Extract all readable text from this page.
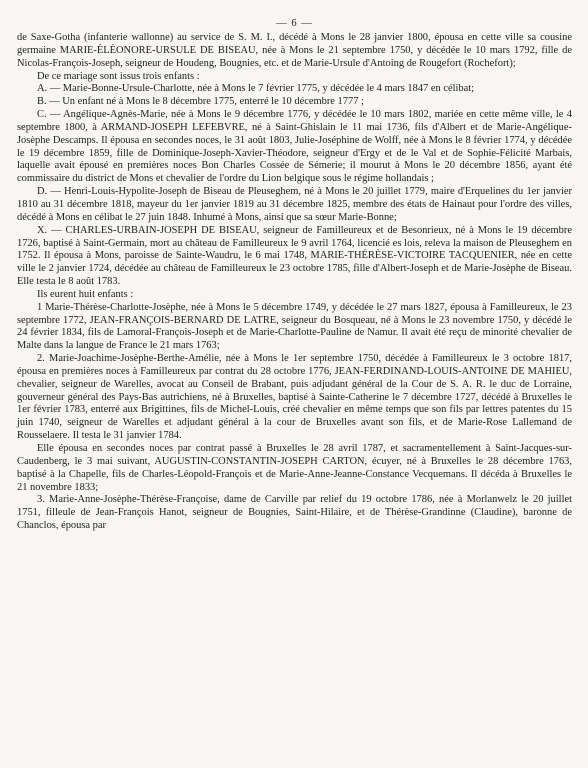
— 6 —

de Saxe-Gotha (infanterie wallonne) au service de S. M. I., décédé à Mons le 28 janvier 1800, épousa en cette ville sa cousine germaine MARIE-ÉLÉONORE-URSULE DE BISEAU, née à Mons le 21 septembre 1750, y décédée le 10 mars 1792, fille de Nicolas-François-Joseph, seigneur de Houdeng, Bougnies, etc. et de Marie-Ursule d'Antoing de Rougefort (Rochefort);

De ce mariage sont issus trois enfants :

A. — Marie-Bonne-Ursule-Charlotte, née à Mons le 7 février 1775, y décédée le 4 mars 1847 en célibat;

B. — Un enfant né à Mons le 8 décembre 1775, enterré le 10 décembre 1777 ;

C. — Angélique-Agnès-Marie, née à Mons le 9 décembre 1776, y décédée le 10 mars 1802, mariée en cette même ville, le 4 septembre 1800, à ARMAND-JOSEPH LEFEBVRE, né à Saint-Ghislain le 11 mai 1736, fils d'Albert et de Marie-Angélique-Josèphe Descamps. Il épousa en secondes noces, le 31 août 1803, Julie-Joséphine de Wolff, née à Mons le 8 février 1774, y décédée le 19 décembre 1859, fille de Dominique-Joseph-Xavier-Théodore, seigneur d'Ergy et de le Val et de Sophie-Félicité Marbais, laquelle avait épousé en premières noces Bon Charles Cossée de Sémerie; il mourut à Mons le 20 décembre 1856, ayant été commissaire du district de Mons et chevalier de l'ordre du Lion belgique sous le régime hollandais ;

D. — Henri-Louis-Hypolite-Joseph de Biseau de Pleuseghem, né à Mons le 20 juillet 1779, maire d'Erquelines du 1er janvier 1810 au 31 décembre 1818, mayeur du 1er janvier 1819 au 31 décembre 1825, membre des états de Hainaut pour l'ordre des villes, décédé à Mons en célibat le 27 juin 1848. Inhumé à Mons, ainsi que sa sœur Marie-Bonne;

X. — CHARLES-URBAIN-JOSEPH DE BISEAU, seigneur de Familleureux et de Besonrieux, né à Mons le 19 décembre 1726, baptisé à Saint-Germain, mort au château de Familleureux le 9 avril 1764, licencié es lois, releva la maison de Pleuseghem en 1752. Il épousa à Mons, paroisse de Sainte-Waudru, le 6 mai 1748, MARIE-THÉRÈSE-VICTOIRE TACQUENIER, née en cette ville le 2 janvier 1724, décédée au château de Familleureux le 23 octobre 1785, fille d'Albert-Joseph et de Marie-Josèphe de Biseau. Elle testa le 8 août 1783.

Ils eurent huit enfants :

1 Marie-Thérèse-Charlotte-Josèphe, née à Mons le 5 décembre 1749, y décédée le 27 mars 1827, épousa à Familleureux, le 23 septembre 1772, JEAN-FRANÇOIS-BERNARD DE LATRE, seigneur du Bosqueau, né à Mons le 23 novembre 1750, y décédé le 24 février 1834, fils de Lamoral-François-Joseph et de Marie-Charlotte-Pauline de Namur. Il avait été reçu de minorité chevalier de Malte dans la langue de France le 21 mars 1763;

2. Marie-Joachime-Josèphe-Berthe-Amélie, née à Mons le 1er septembre 1750, décédée à Familleureux le 3 octobre 1817, épousa en premières noces à Familleureux par contrat du 28 octobre 1776, JEAN-FERDINAND-LOUIS-ANTOINE DE MAHIEU, chevalier, seigneur de Warelles, avocat au Conseil de Brabant, puis adjudant général de la Cour de S. A. R. le duc de Lorraine, gouverneur général des Pays-Bas autrichiens, né à Bruxelles, baptisé à Sainte-Catherine le 7 décembre 1727, décédé à Bruxelles le 1er février 1783, enterré aux Brigittines, fils de Michel-Louis, créé chevalier en même temps que son fils par lettres patentes du 15 juin 1740, seigneur de Warelles et adjudant général à la cour de Bruxelles avant son fils, et de Marie-Rose Lallemand de Rousselaere. Il testa le 31 janvier 1784.

Elle épousa en secondes noces par contrat passé à Bruxelles le 28 avril 1787, et sacramentellement à Saint-Jacques-sur-Caudenberg, le 3 mai suivant, AUGUSTIN-CONSTANTIN-JOSEPH CARTON, écuyer, né à Bruxelles le 28 décembre 1763, baptisé à la Chapelle, fils de Charles-Léopold-François et de Marie-Anne-Jeanne-Constance Vecquemans. Il décéda à Bruxelles le 21 novembre 1833;

3. Marie-Anne-Josèphe-Thérèse-Françoise, dame de Carville par relief du 19 octobre 1786, née à Morlanwelz le 20 juillet 1751, filleule de Jean-François Hanot, seigneur de Bougnies, Saint-Hilaire, et de Thérèse-Grandinne (Claudine), baronne de Chanclos, épousa par
